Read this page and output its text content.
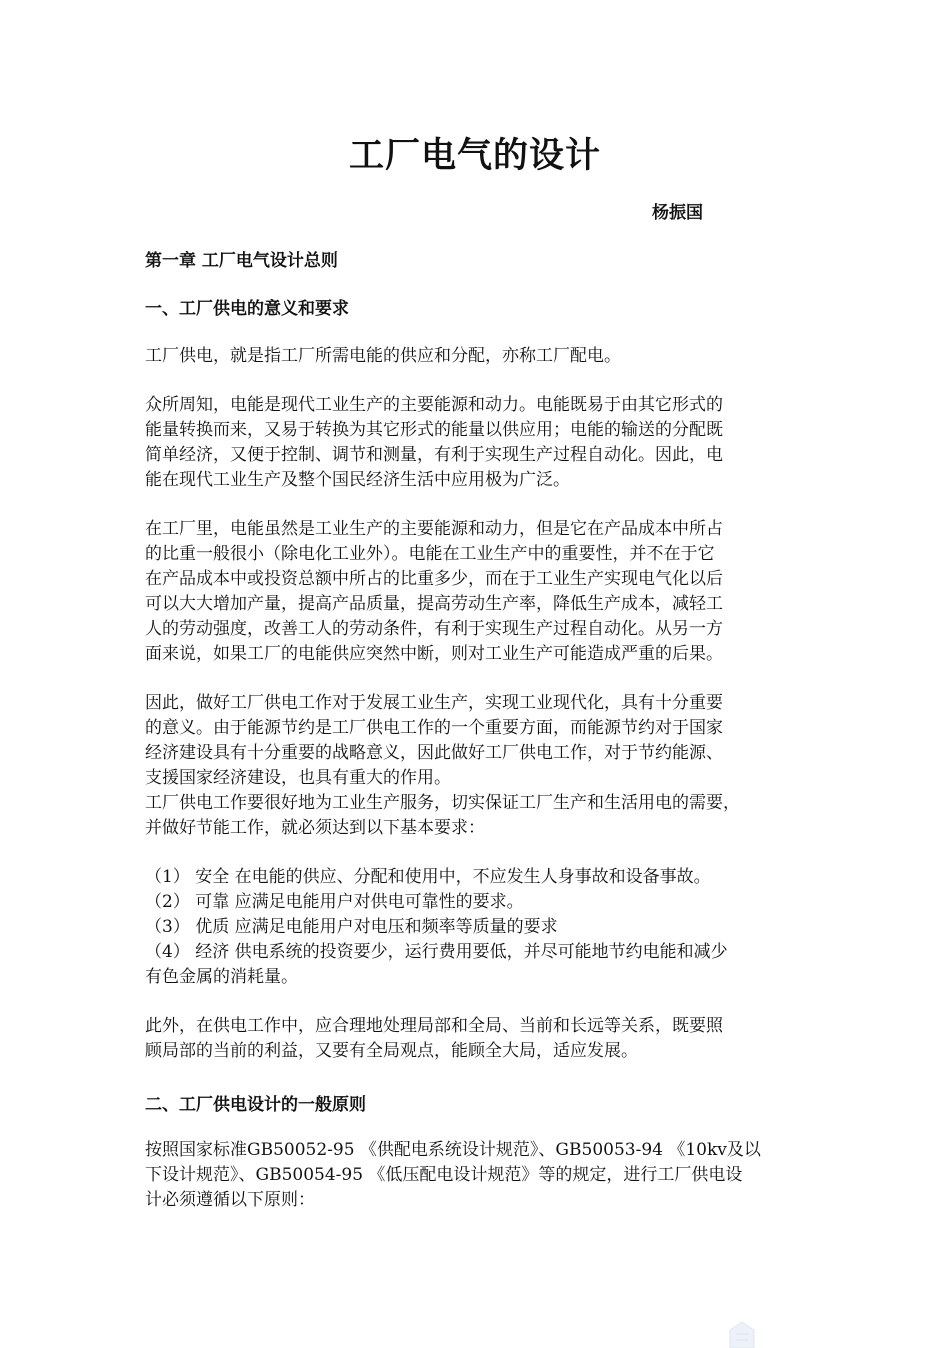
工厂电气的设计
杨振国
第一章 工厂电气设计总则
一、工厂供电的意义和要求
工厂供电，就是指工厂所需电能的供应和分配，亦称工厂配电。
众所周知，电能是现代工业生产的主要能源和动力。电能既易于由其它形式的
能量转换而来，又易于转换为其它形式的能量以供应用；电能的输送的分配既
简单经济，又便于控制、调节和测量，有利于实现生产过程自动化。因此，电
能在现代工业生产及整个国民经济生活中应用极为广泛。
在工厂里，电能虽然是工业生产的主要能源和动力，但是它在产品成本中所占
的比重一般很小（除电化工业外）。电能在工业生产中的重要性，并不在于它
在产品成本中或投资总额中所占的比重多少，而在于工业生产实现电气化以后
可以大大增加产量，提高产品质量，提高劳动生产率，降低生产成本，减轻工
人的劳动强度，改善工人的劳动条件，有利于实现生产过程自动化。从另一方
面来说，如果工厂的电能供应突然中断，则对工业生产可能造成严重的后果。
因此，做好工厂供电工作对于发展工业生产，实现工业现代化，具有十分重要
的意义。由于能源节约是工厂供电工作的一个重要方面，而能源节约对于国家
经济建设具有十分重要的战略意义，因此做好工厂供电工作，对于节约能源、
支援国家经济建设，也具有重大的作用。
工厂供电工作要很好地为工业生产服务，切实保证工厂生产和生活用电的需要，
并做好节能工作，就必须达到以下基本要求：
（1） 安全 在电能的供应、分配和使用中，不应发生人身事故和设备事故。
（2） 可靠 应满足电能用户对供电可靠性的要求。
（3） 优质 应满足电能用户对电压和频率等质量的要求
（4） 经济 供电系统的投资要少，运行费用要低，并尽可能地节约电能和减少
有色金属的消耗量。
此外，在供电工作中，应合理地处理局部和全局、当前和长远等关系，既要照
顾局部的当前的利益，又要有全局观点，能顾全大局，适应发展。
二、工厂供电设计的一般原则
按照国家标准GB50052-95 《供配电系统设计规范》、GB50053-94 《10kv及以
下设计规范》、GB50054-95 《低压配电设计规范》等的规定，进行工厂供电设
计必须遵循以下原则：
